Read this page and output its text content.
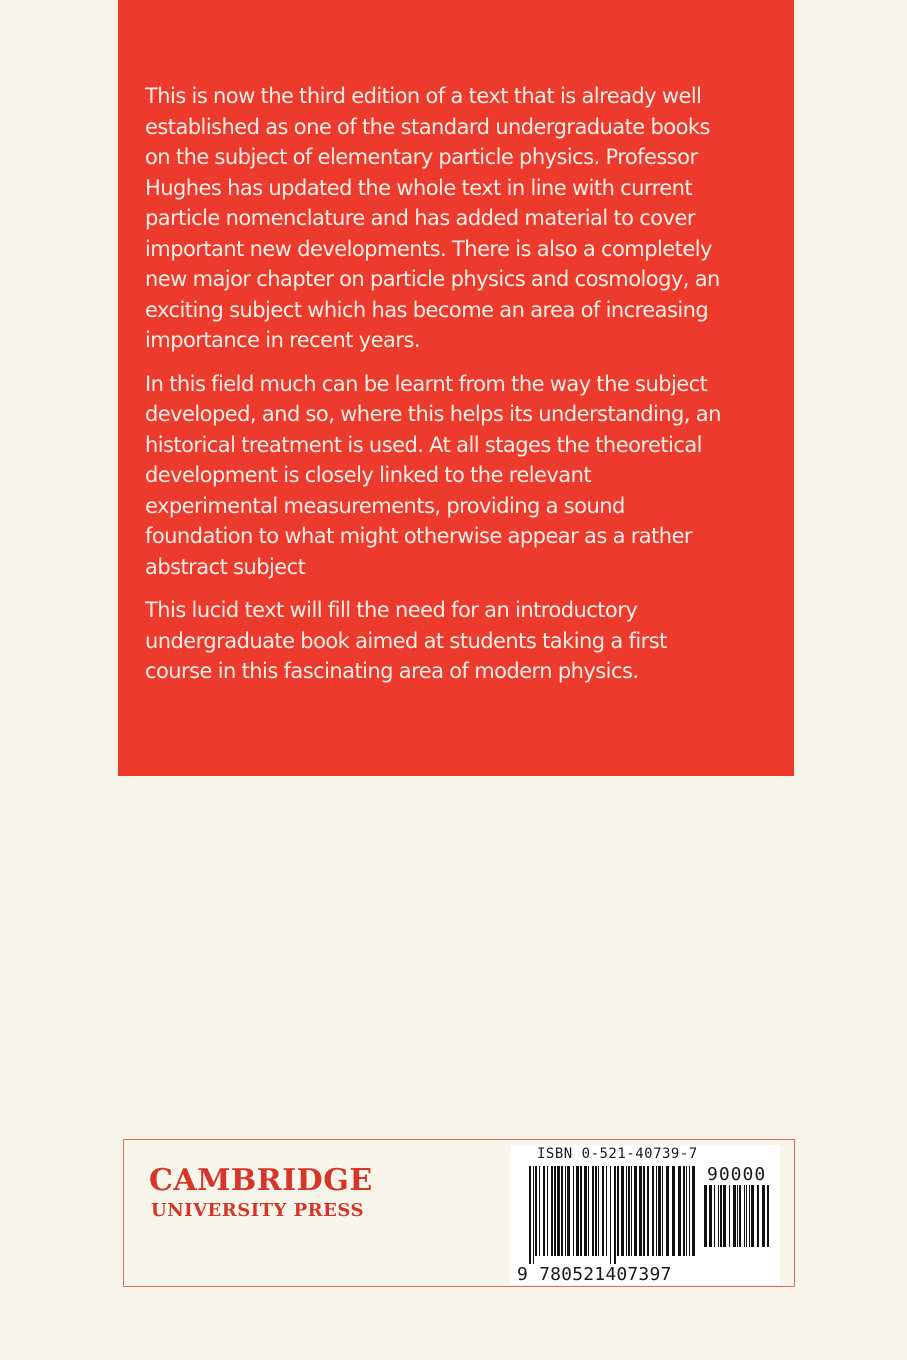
This is now the third edition of a text that is already well
established as one of the standard undergraduate books
on the subject of elementary particle physics. Professor
Hughes has updated the whole text in line with current
particle nomenclature and has added material to cover
important new developments. There is also a completely
new major chapter on particle physics and cosmology, an
exciting subject which has become an area of increasing
importance in recent years.

In this field much can be learnt from the way the subject
developed, and so, where this helps its understanding, an
historical treatment is used. At all stages the theoretical
development is closely linked to the relevant
experimental measurements, providing a sound
foundation to what might otherwise appear as a rather
abstract subject

This lucid text will fill the need for an introductory
undergraduate book aimed at students taking a first
course in this fascinating area of modern physics.

CAMBRIDGE
UNIVERSITY PRESS
ISBN 0-521-40739-7
90000
9 780521407397
